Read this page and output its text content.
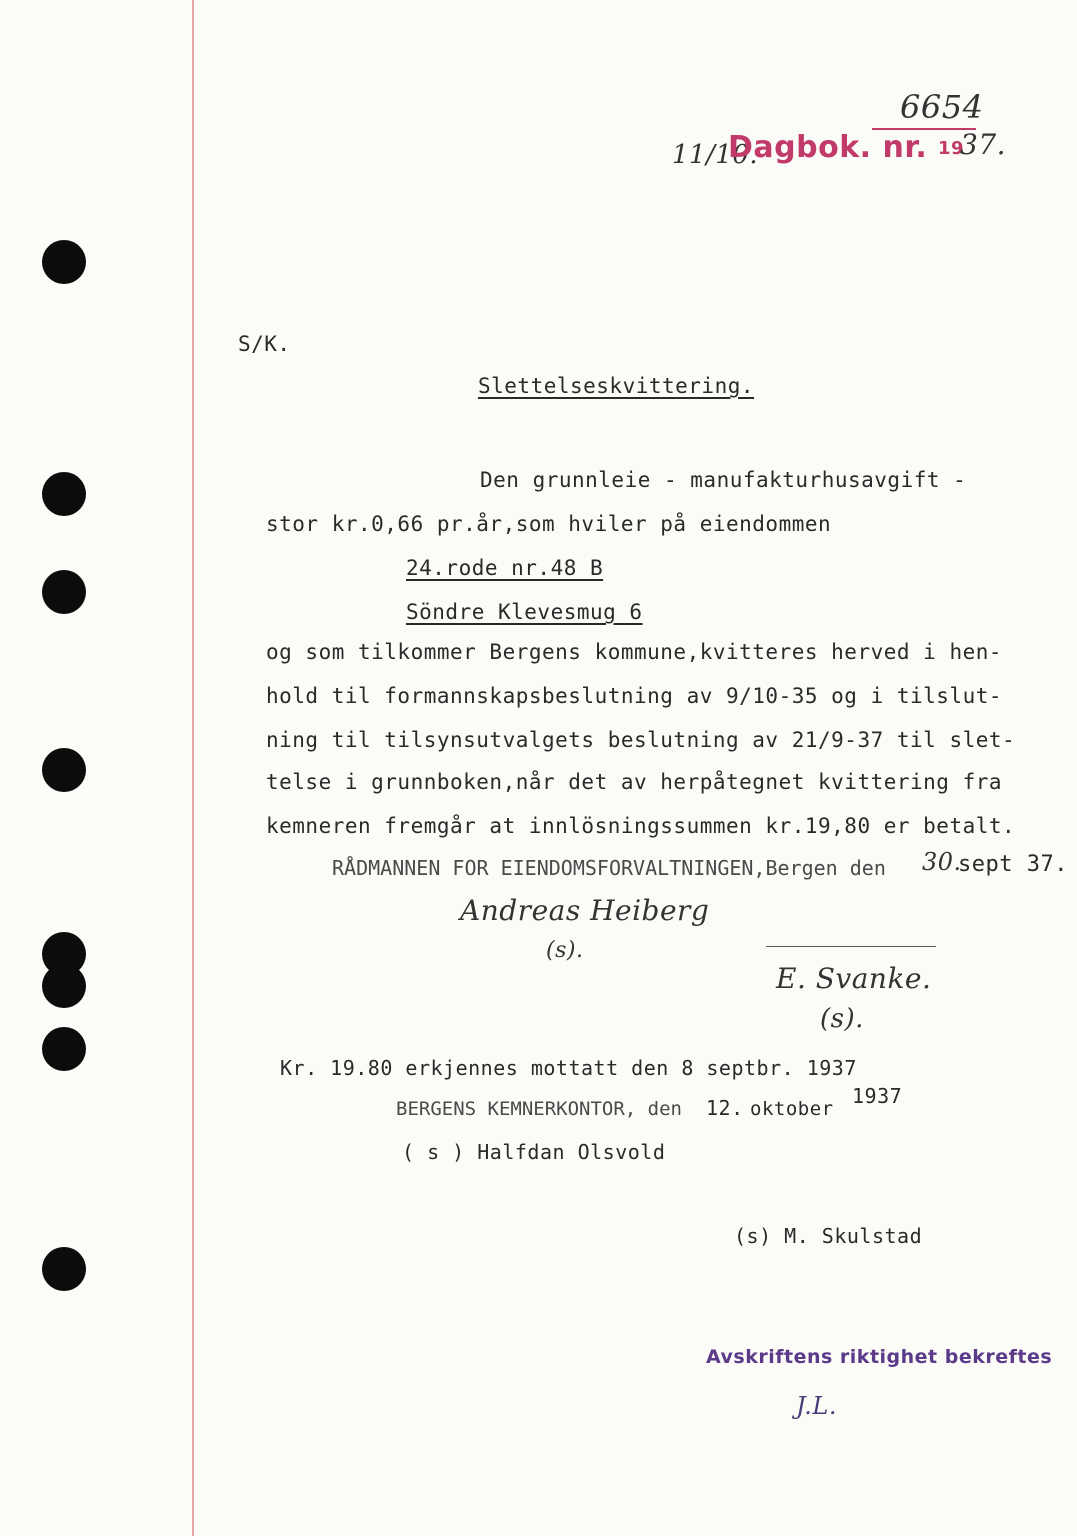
11/10.
Dagbok. nr.
6654
19
37.
S/K.
Slettelseskvittering.
Den grunnleie - manufakturhusavgift -
stor kr.0,66 pr.år,som hviler på eiendommen
24.rode nr.48 B
Söndre Klevesmug 6
og som tilkommer Bergens kommune,kvitteres herved i hen-
hold til formannskapsbeslutning av 9/10-35 og i tilslut-
ning til tilsynsutvalgets beslutning av 21/9-37 til slet-
telse i grunnboken,når det av herpåtegnet kvittering fra
kemneren fremgår at innlösningssummen kr.19,80 er betalt.
RÅDMANNEN FOR EIENDOMSFORVALTNINGEN,Bergen den 30.
sept 37.
Andreas Heiberg
(s).
E. Svanke.
(s).
Kr. 19.80 erkjennes mottatt den 8 septbr. 1937
BERGENS KEMNERKONTOR, den 12. oktober
1937
( s ) Halfdan Olsvold
(s) M. Skulstad
Avskriftens riktighet bekreftes
J.L.
